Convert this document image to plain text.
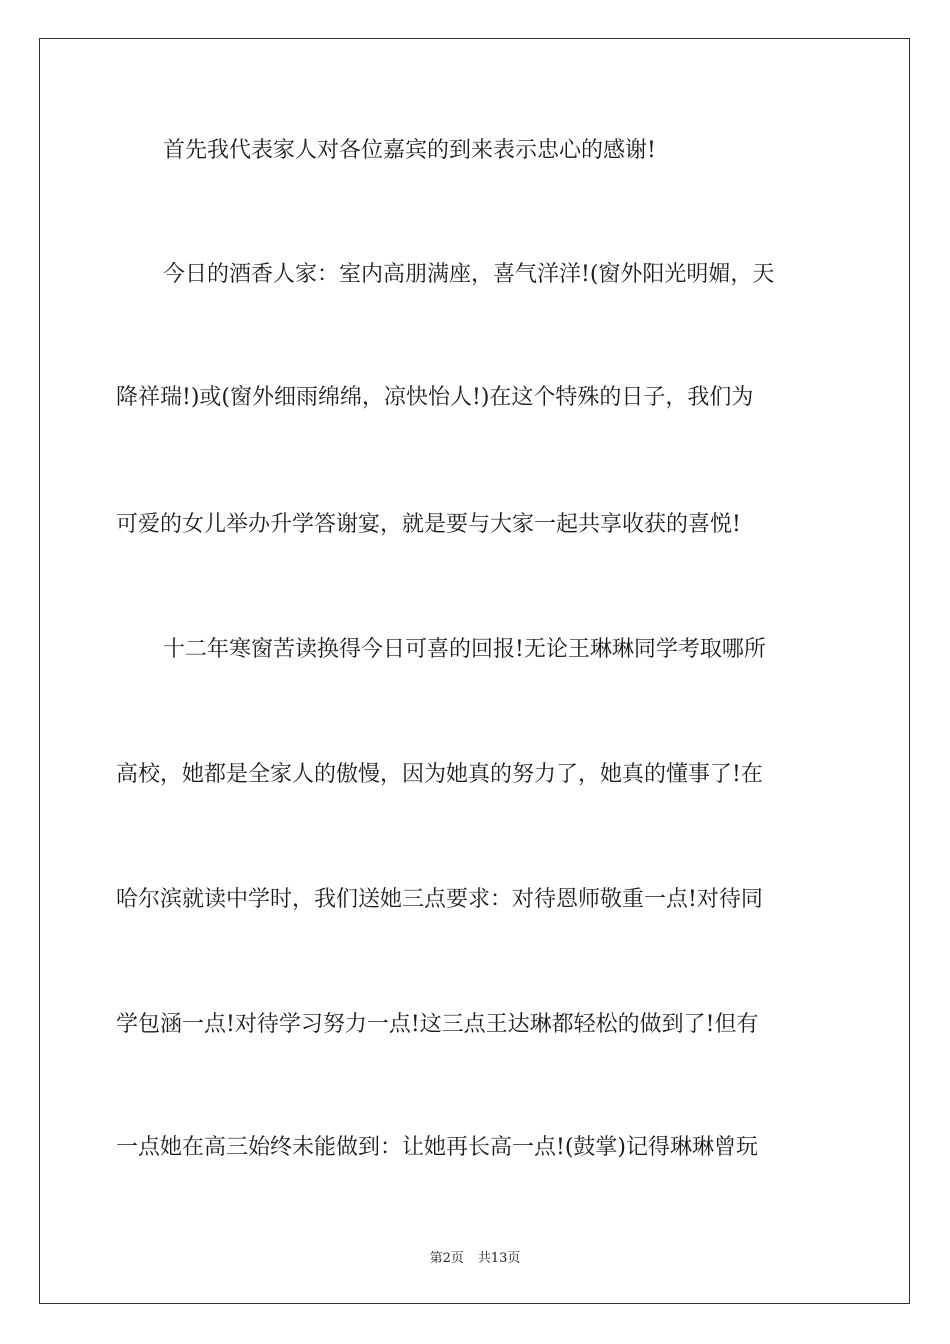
首先我代表家人对各位嘉宾的到来表示忠心的感谢!
今日的酒香人家：室内高朋满座，喜气洋洋!(窗外阳光明媚，天
降祥瑞!)或(窗外细雨绵绵，凉快怡人!)在这个特殊的日子，我们为
可爱的女儿举办升学答谢宴，就是要与大家一起共享收获的喜悦!
十二年寒窗苦读换得今日可喜的回报!无论王琳琳同学考取哪所
高校，她都是全家人的傲慢，因为她真的努力了，她真的懂事了!在
哈尔滨就读中学时，我们送她三点要求：对待恩师敬重一点!对待同
学包涵一点!对待学习努力一点!这三点王达琳都轻松的做到了!但有
一点她在高三始终未能做到：让她再长高一点!(鼓掌)记得琳琳曾玩
第2页 共13页
